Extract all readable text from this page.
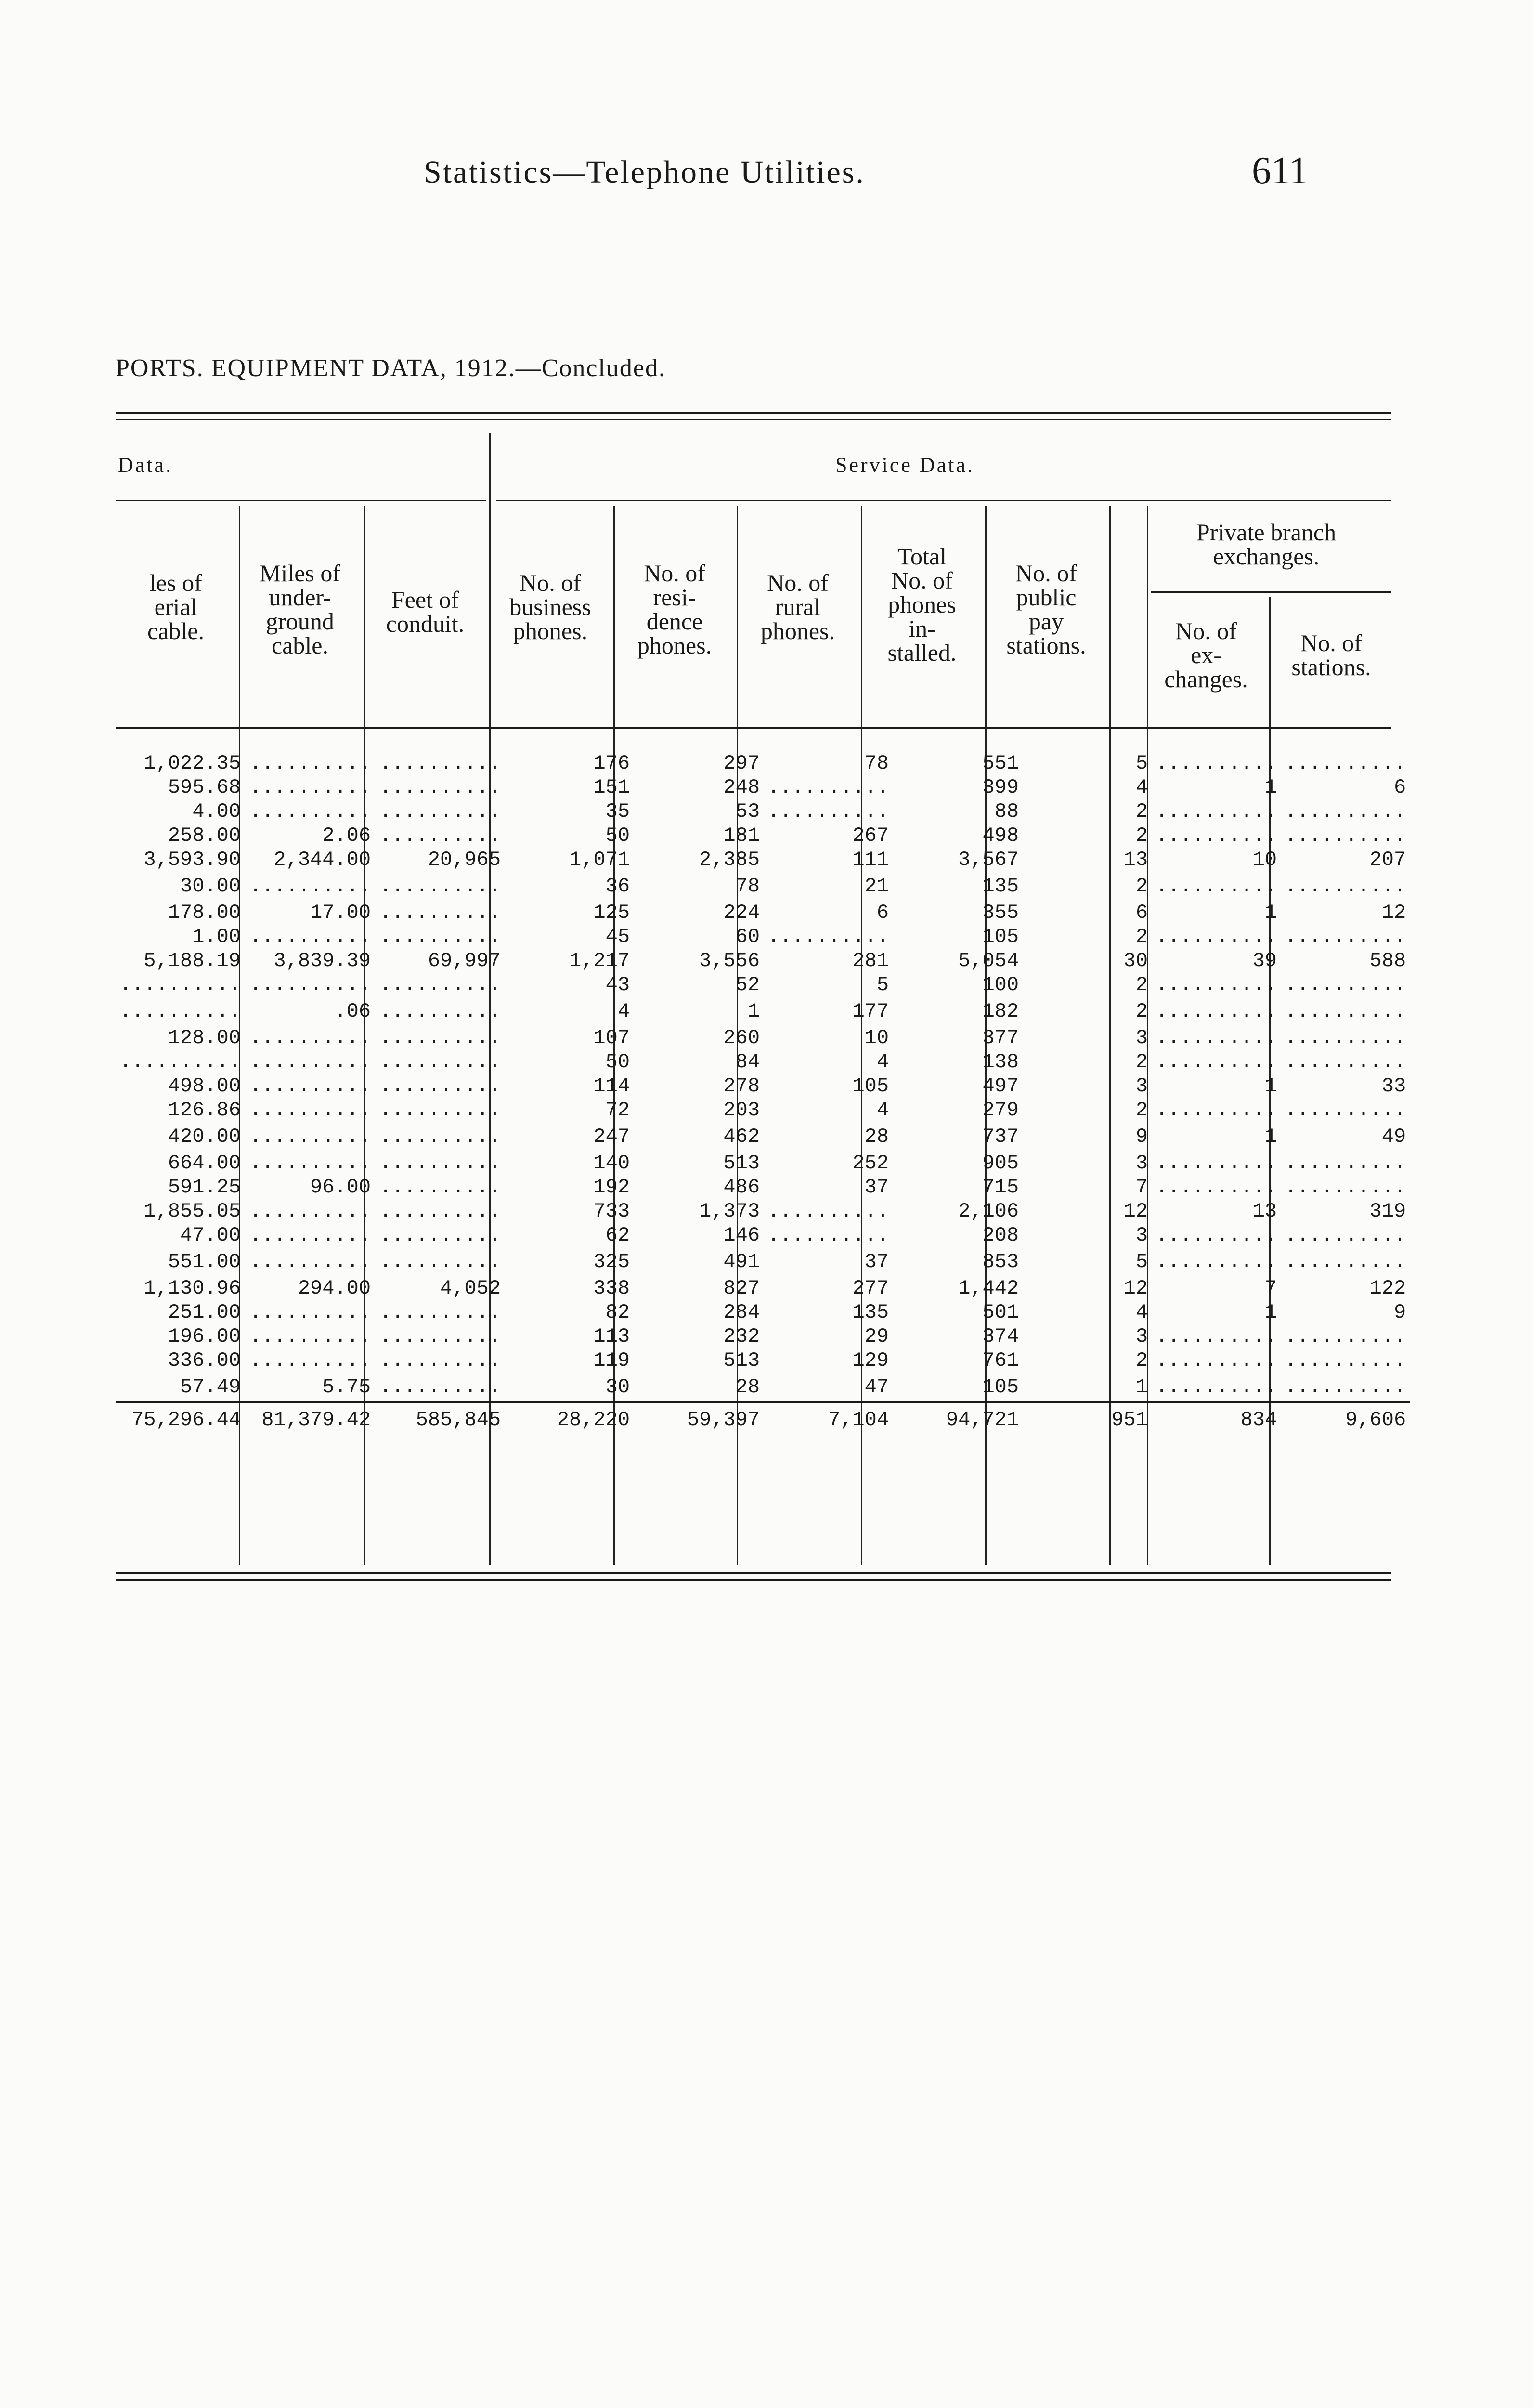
Statistics—Telephone Utilities.	611
PORTS. EQUIPMENT DATA, 1912.—Concluded.
Data.	Service Data.
les of
erial
cable.
Miles of
under-
ground
cable.
Feet of
conduit.
No. of
business
phones.
No. of
resi-
dence
phones.
No. of
rural
phones.
Total
No. of
phones
in-
stalled.
No. of
public
pay
stations.
Private branch
exchanges.
No. of
ex-
changes.
No. of
stations.
1,022.35	..........	..........	176	297	78	551	5	..........	..........
595.68	..........	..........	151	248	..........	399	4	1	6
4.00	..........	..........	35	53	..........	88	2	..........	..........
258.00	2.06	..........	50	181	267	498	2	..........	..........
3,593.90	2,344.00	20,965	1,071	2,385	111	3,567	13	10	207
30.00	..........	..........	36	78	21	135	2	..........	..........
178.00	17.00	..........	125	224	6	355	6	1	12
1.00	..........	..........	45	60	..........	105	2	..........	..........
5,188.19	3,839.39	69,997	1,217	3,556	281	5,054	30	39	588
..........	..........	..........	43	52	5	100	2	..........	..........
..........	.06	..........	4	1	177	182	2	..........	..........
128.00	..........	..........	107	260	10	377	3	..........	..........
..........	..........	..........	50	84	4	138	2	..........	..........
498.00	..........	..........	114	278	105	497	3	1	33
126.86	..........	..........	72	203	4	279	2	..........	..........
420.00	..........	..........	247	462	28	737	9	1	49
664.00	..........	..........	140	513	252	905	3	..........	..........
591.25	96.00	..........	192	486	37	715	7	..........	..........
1,855.05	..........	..........	733	1,373	..........	2,106	12	13	319
47.00	..........	..........	62	146	..........	208	3	..........	..........
551.00	..........	..........	325	491	37	853	5	..........	..........
1,130.96	294.00	4,052	338	827	277	1,442	12	7	122
251.00	..........	..........	82	284	135	501	4	1	9
196.00	..........	..........	113	232	29	374	3	..........	..........
336.00	..........	..........	119	513	129	761	2	..........	..........
57.49	5.75	..........	30	28	47	105	1	..........	..........
75,296.44	81,379.42	585,845	28,220	59,397	7,104	94,721	951	834	9,606
